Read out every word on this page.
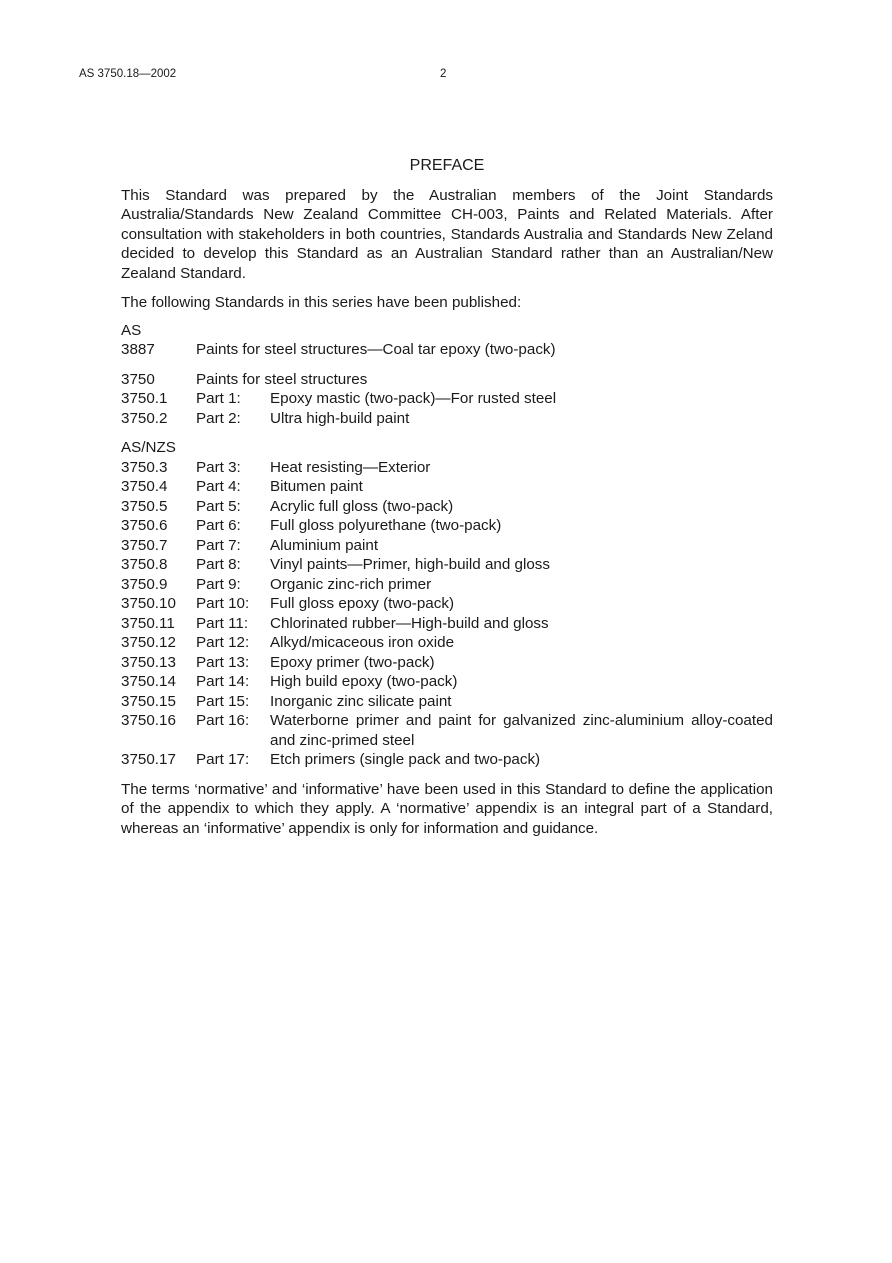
AS 3750.18—2002	2
PREFACE

This Standard was prepared by the Australian members of the Joint Standards Australia/Standards New Zealand Committee CH-003, Paints and Related Materials. After consultation with stakeholders in both countries, Standards Australia and Standards New Zeland decided to develop this Standard as an Australian Standard rather than an Australian/New Zealand Standard.

The following Standards in this series have been published:

AS
3887	Paints for steel structures—Coal tar epoxy (two-pack)
3750	Paints for steel structures
3750.1	Part 1:	Epoxy mastic (two-pack)—For rusted steel
3750.2	Part 2:	Ultra high-build paint
AS/NZS
3750.3	Part 3:	Heat resisting—Exterior
3750.4	Part 4:	Bitumen paint
3750.5	Part 5:	Acrylic full gloss (two-pack)
3750.6	Part 6:	Full gloss polyurethane (two-pack)
3750.7	Part 7:	Aluminium paint
3750.8	Part 8:	Vinyl paints—Primer, high-build and gloss
3750.9	Part 9:	Organic zinc-rich primer
3750.10	Part 10:	Full gloss epoxy (two-pack)
3750.11	Part 11:	Chlorinated rubber—High-build and gloss
3750.12	Part 12:	Alkyd/micaceous iron oxide
3750.13	Part 13:	Epoxy primer (two-pack)
3750.14	Part 14:	High build epoxy (two-pack)
3750.15	Part 15:	Inorganic zinc silicate paint
3750.16	Part 16:	Waterborne primer and paint for galvanized zinc-aluminium alloy-coated and zinc-primed steel
3750.17	Part 17:	Etch primers (single pack and two-pack)

The terms ‘normative’ and ‘informative’ have been used in this Standard to define the application of the appendix to which they apply. A ‘normative’ appendix is an integral part of a Standard, whereas an ‘informative’ appendix is only for information and guidance.
